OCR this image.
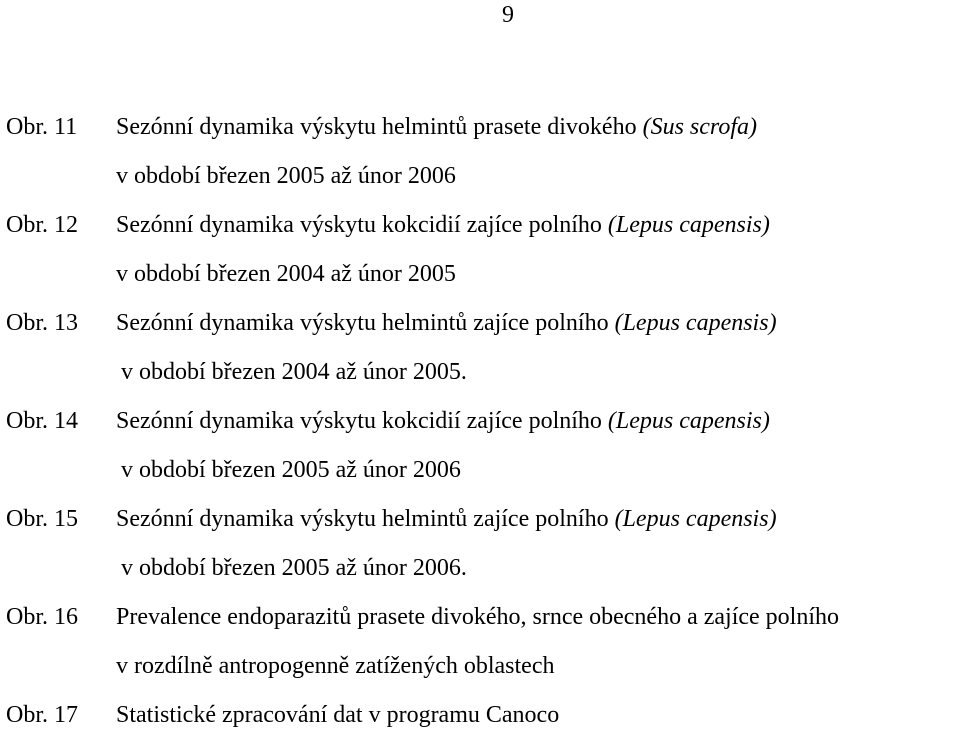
9
Obr. 11 Sezónní dynamika výskytu helmintů prasete divokého (Sus scrofa)
v období březen 2005 až únor 2006
Obr. 12 Sezónní dynamika výskytu kokcidií zajíce polního (Lepus capensis)
v období březen 2004 až únor 2005
Obr. 13 Sezónní dynamika výskytu helmintů zajíce polního (Lepus capensis)
v období březen 2004 až únor 2005.
Obr. 14 Sezónní dynamika výskytu kokcidií zajíce polního (Lepus capensis)
v období březen 2005 až únor 2006
Obr. 15 Sezónní dynamika výskytu helmintů zajíce polního (Lepus capensis)
v období březen 2005 až únor 2006.
Obr. 16 Prevalence endoparazitů prasete divokého, srnce obecného a zajíce polního
v rozdílně antropogenně zatížených oblastech
Obr. 17 Statistické zpracování dat v programu Canoco
